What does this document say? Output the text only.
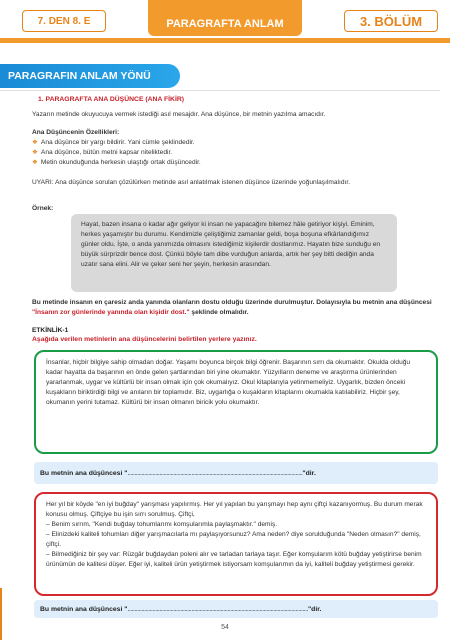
7. DEN 8. E	PARAGRAFTA ANLAM	3. BÖLÜM
PARAGRAFIN ANLAM YÖNÜ
1. PARAGRAFTA ANA DÜŞÜNCE (ANA FİKİR)
Yazarın metinde okuyucuya vermek istediği asıl mesajdır. Ana düşünce, bir metnin yazılma amacıdır.
Ana Düşüncenin Özellikleri:
❖ Ana düşünce bir yargı bildirir. Yani cümle şeklindedir.
❖ Ana düşünce, bütün metni kapsar niteliktedir.
❖ Metin okunduğunda herkesin ulaştığı ortak düşüncedir.
UYARI: Ana düşünce sorulan çözülürken metinde asıl anlatılmak istenen düşünce üzerinde yoğunlaşılmalıdır.
Örnek:
Hayat, bazen insana o kadar ağır geliyor ki insan ne yapacağını bilemez hâle getiriyor kişiyi. Eminim, herkes yaşamıştır bu durumu. Kendimizle çeliştiğimiz zamanlar geldi, boşa boşuna efkârlandığımız günler oldu. İşte, o anda yanımızda olmasını istediğimiz kişilerdir dostlarımız. Hayatın bize sunduğu en büyük sürprizdir bence dost. Çünkü böyle tam dibe vurduğun anlarda, artık her şey bitti dediğin anda uzatır sana elini. Alir ve çeker seni her şeyin, herkesin arasından.
Bu metinde insanın en çaresiz anda yanında olanların dostu olduğu üzerinde durulmuştur. Dolayısıyla bu metnin ana düşüncesi "İnsanın zor günlerinde yanında olan kişidir dost." şeklinde olmalıdır.
ETKİNLİK-1
Aşağıda verilen metinlerin ana düşüncelerini belirtilen yerlere yazınız.
İnsanlar, hiçbir bilgiye sahip olmadan doğar. Yaşamı boyunca birçok bilgi öğrenir. Başarının sırrı da okumaktır. Okulda olduğu kadar hayatta da başarının en önde gelen şartlarından biri yine okumaktır. Yüzyılların deneme ve araştırma ürünlerinden yararlanmak, uygar ve kültürlü bir insan olmak için çok okumalıyız. Okul kitaplarıyla yetinmemeliyiz. Uygarlık, bizden önceki kuşakların biriktirdiği bilgi ve anıların bir toplamıdır. Biz, uygarlığa o kuşakların kitaplarını okumakla katılabiliriz. Hiçbir şey, okumanın yerini tutamaz. Kültürü bir insan olmanın biricik yolu okumaktır.
Bu metnin ana düşüncesi " .............................................................................................................................. "dir.
Her yıl bir köyde "en iyi buğday" yarışması yapılırmış. Her yıl yapılan bu yarışmayı hep aynı çiftçi kazanıyormuş. Bu durum merak konusu olmuş. Çiftçiye bu işin sırrı sorulmuş. Çiftçi,
– Benim sırrım, "Kendi buğday tohumlarımı komşularımla paylaşmaktır." demiş.
– Elinizdeki kaliteli tohumları diğer yarışmacılarla mı paylaşıyorsunuz? Ama neden? diye sorulduğunda "Neden olmasın?" demiş, çiftçi.
– Bilmediğiniz bir şey var: Rüzgâr buğdaydan poleni alır ve tarladan tarlaya taşır. Eğer komşularım kötü buğday yetiştirirse benim ürünümün de kalitesi düşer. Eğer iyi, kaliteli ürün yetiştirmek istiyorsam komşularımın da iyi, kaliteli buğday yetiştirmesi gerekir.
Bu metnin ana düşüncesi " .................................................................................................................................. "dir.
54
